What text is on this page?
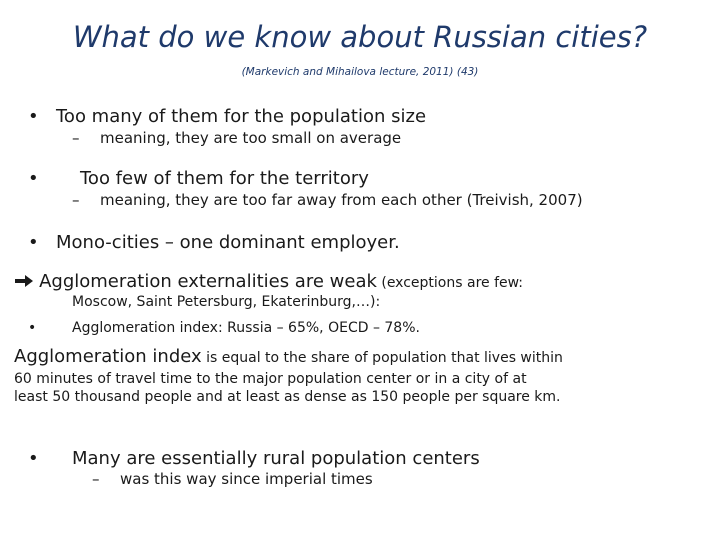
What do we know about Russian cities?
(Markevich and Mihailova lecture, 2011) (43)
• Too many of them for the population size
– meaning, they are too small on average
• Too few of them for the territory
– meaning, they are too far away from each other (Treivish, 2007)
• Mono-cities – one dominant employer.
Agglomeration externalities are weak (exceptions are few:
Moscow, Saint Petersburg, Ekaterinburg,…):
•	Agglomeration index: Russia – 65%, OECD – 78%.
Agglomeration index is equal to the share of population that lives within
60 minutes of travel time to the major population center or in a city of at
least 50 thousand people and at least as dense as 150 people per square km.
• Many are essentially rural population centers
– was this way since imperial times
